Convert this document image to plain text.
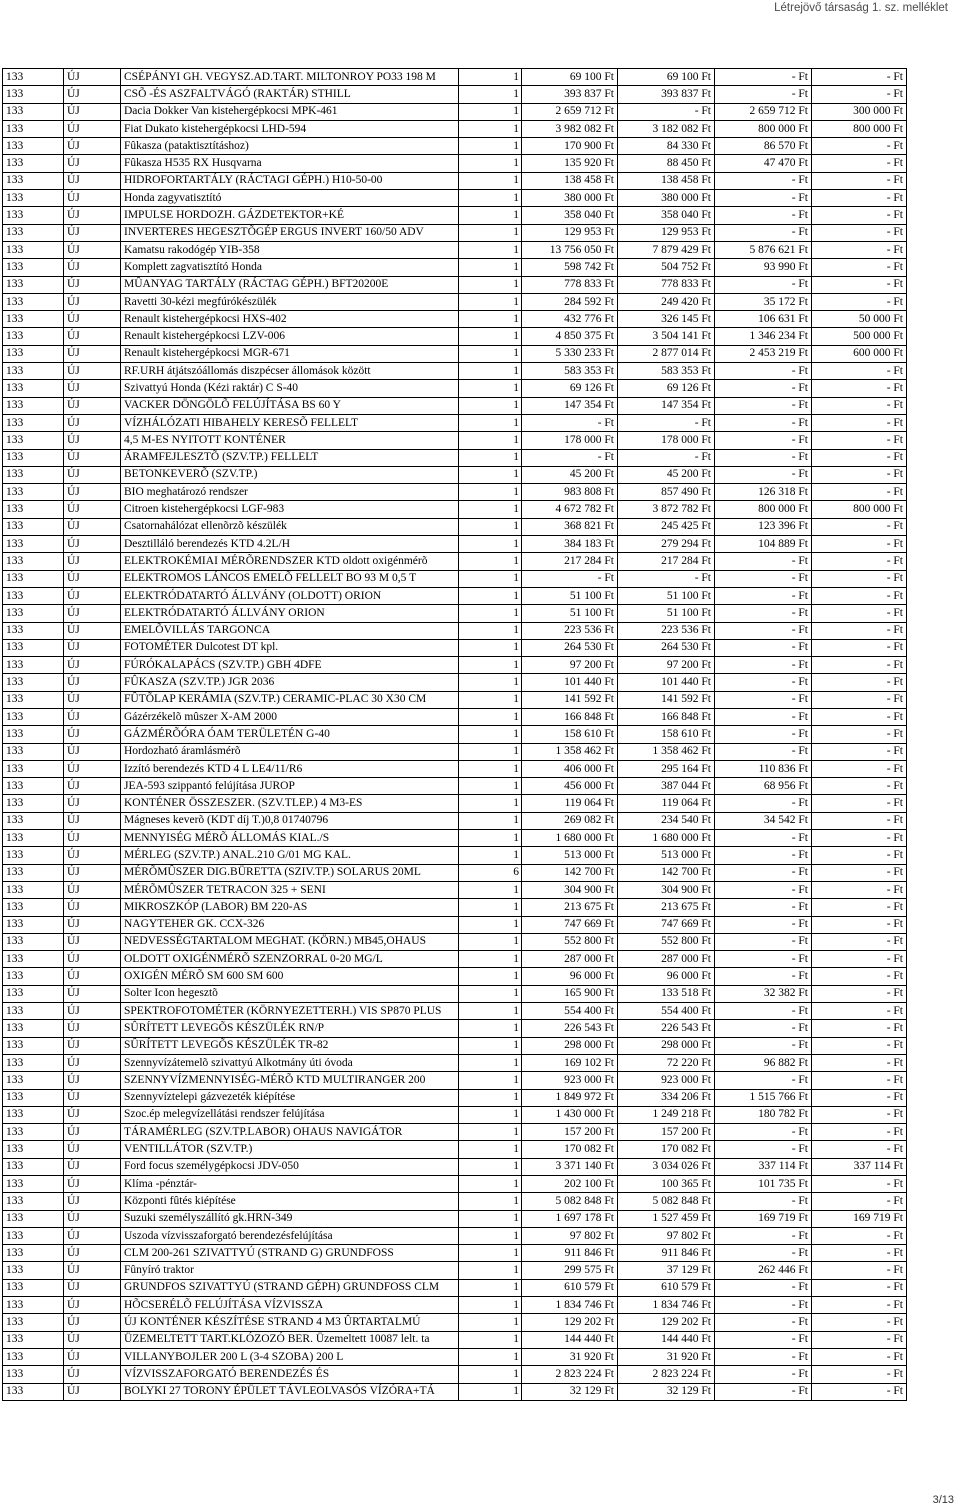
Létrejövő társaság 1. sz. melléklet
133	ÚJ	CSÉPÁNYI GH. VEGYSZ.AD.TART. MILTONROY PO33 198 M	1	69 100 Ft	69 100 Ft	- Ft	- Ft
133	ÚJ	CSÕ -ÉS ASZFALTVÁGÓ (RAKTÁR) STHILL	1	393 837 Ft	393 837 Ft	- Ft	- Ft
133	ÚJ	Dacia Dokker Van kistehergépkocsi MPK-461	1	2 659 712 Ft	- Ft	2 659 712 Ft	300 000 Ft
133	ÚJ	Fiat Dukato kistehergépkocsi LHD-594	1	3 982 082 Ft	3 182 082 Ft	800 000 Ft	800 000 Ft
133	ÚJ	Fûkasza (pataktisztításhoz)	1	170 900 Ft	84 330 Ft	86 570 Ft	- Ft
133	ÚJ	Fûkasza H535 RX Husqvarna	1	135 920 Ft	88 450 Ft	47 470 Ft	- Ft
133	ÚJ	HIDROFORTARTÁLY (RÁCTAGI GÉPH.) H10-50-00	1	138 458 Ft	138 458 Ft	- Ft	- Ft
133	ÚJ	Honda zagyvatisztító	1	380 000 Ft	380 000 Ft	- Ft	- Ft
133	ÚJ	IMPULSE HORDOZH. GÁZDETEKTOR+KÉ	1	358 040 Ft	358 040 Ft	- Ft	- Ft
133	ÚJ	INVERTERES HEGESZTÕGÉP ERGUS INVERT 160/50 ADV	1	129 953 Ft	129 953 Ft	- Ft	- Ft
133	ÚJ	Kamatsu rakodógép YIB-358	1	13 756 050 Ft	7 879 429 Ft	5 876 621 Ft	- Ft
133	ÚJ	Komplett zagvatisztító Honda	1	598 742 Ft	504 752 Ft	93 990 Ft	- Ft
133	ÚJ	MÛANYAG TARTÁLY (RÁCTAG GÉPH.) BFT20200E	1	778 833 Ft	778 833 Ft	- Ft	- Ft
133	ÚJ	Ravetti 30-kézi megfúrókészülék	1	284 592 Ft	249 420 Ft	35 172 Ft	- Ft
133	ÚJ	Renault kistehergépkocsi HXS-402	1	432 776 Ft	326 145 Ft	106 631 Ft	50 000 Ft
133	ÚJ	Renault kistehergépkocsi LZV-006	1	4 850 375 Ft	3 504 141 Ft	1 346 234 Ft	500 000 Ft
133	ÚJ	Renault kistehergépkocsi MGR-671	1	5 330 233 Ft	2 877 014 Ft	2 453 219 Ft	600 000 Ft
133	ÚJ	RF.URH átjátszóállomás diszpécser állomások között	1	583 353 Ft	583 353 Ft	- Ft	- Ft
133	ÚJ	Szivattyú Honda (Kézi raktár) C S-40	1	69 126 Ft	69 126 Ft	- Ft	- Ft
133	ÚJ	VACKER DÖNGÖLÕ FELÚJÍTÁSA BS 60 Y	1	147 354 Ft	147 354 Ft	- Ft	- Ft
133	ÚJ	VÍZHÁLÓZATI HIBAHELY KERESÕ FELLELT	1	- Ft	- Ft	- Ft	- Ft
133	ÚJ	4,5 M-ES NYITOTT KONTÉNER	1	178 000 Ft	178 000 Ft	- Ft	- Ft
133	ÚJ	ÁRAMFEJLESZTÕ (SZV.TP.) FELLELT	1	- Ft	- Ft	- Ft	- Ft
133	ÚJ	BETONKEVERÕ (SZV.TP.)	1	45 200 Ft	45 200 Ft	- Ft	- Ft
133	ÚJ	BIO meghatározó rendszer	1	983 808 Ft	857 490 Ft	126 318 Ft	- Ft
133	ÚJ	Citroen kistehergépkocsi LGF-983	1	4 672 782 Ft	3 872 782 Ft	800 000 Ft	800 000 Ft
133	ÚJ	Csatornahálózat ellenõrzõ készülék	1	368 821 Ft	245 425 Ft	123 396 Ft	- Ft
133	ÚJ	Desztilláló berendezés KTD 4.2L/H	1	384 183 Ft	279 294 Ft	104 889 Ft	- Ft
133	ÚJ	ELEKTROKÉMIAI MÉRÕRENDSZER KTD oldott oxigénmérõ	1	217 284 Ft	217 284 Ft	- Ft	- Ft
133	ÚJ	ELEKTROMOS LÁNCOS EMELÕ FELLELT BO 93 M 0,5 T	1	- Ft	- Ft	- Ft	- Ft
133	ÚJ	ELEKTRÓDATARTÓ ÁLLVÁNY (OLDOTT) ORION	1	51 100 Ft	51 100 Ft	- Ft	- Ft
133	ÚJ	ELEKTRÓDATARTÓ ÁLLVÁNY ORION	1	51 100 Ft	51 100 Ft	- Ft	- Ft
133	ÚJ	EMELÕVILLÁS TARGONCA	1	223 536 Ft	223 536 Ft	- Ft	- Ft
133	ÚJ	FOTOMÉTER Dulcotest DT kpl.	1	264 530 Ft	264 530 Ft	- Ft	- Ft
133	ÚJ	FÚRÓKALAPÁCS (SZV.TP.) GBH 4DFE	1	97 200 Ft	97 200 Ft	- Ft	- Ft
133	ÚJ	FÛKASZA (SZV.TP.) JGR 2036	1	101 440 Ft	101 440 Ft	- Ft	- Ft
133	ÚJ	FÛTÕLAP KERÁMIA (SZV.TP.) CERAMIC-PLAC 30 X30 CM	1	141 592 Ft	141 592 Ft	- Ft	- Ft
133	ÚJ	Gázérzékelõ mûszer X-AM 2000	1	166 848 Ft	166 848 Ft	- Ft	- Ft
133	ÚJ	GÁZMÉRÕÓRA ÓAM TERÜLETÉN G-40	1	158 610 Ft	158 610 Ft	- Ft	- Ft
133	ÚJ	Hordozható áramlásmérõ	1	1 358 462 Ft	1 358 462 Ft	- Ft	- Ft
133	ÚJ	Izzító berendezés KTD 4 L LE4/11/R6	1	406 000 Ft	295 164 Ft	110 836 Ft	- Ft
133	ÚJ	JEA-593 szippantó felújítása JUROP	1	456 000 Ft	387 044 Ft	68 956 Ft	- Ft
133	ÚJ	KONTÉNER ÖSSZESZER. (SZV.TLEP.) 4 M3-ES	1	119 064 Ft	119 064 Ft	- Ft	- Ft
133	ÚJ	Mágneses keverõ (KDT díj T.)0,8 01740796	1	269 082 Ft	234 540 Ft	34 542 Ft	- Ft
133	ÚJ	MENNYISÉG MÉRÕ ÁLLOMÁS KIAL./S	1	1 680 000 Ft	1 680 000 Ft	- Ft	- Ft
133	ÚJ	MÉRLEG (SZV.TP.) ANAL.210 G/01 MG KAL.	1	513 000 Ft	513 000 Ft	- Ft	- Ft
133	ÚJ	MÉRÕMÛSZER DIG.BÜRETTA (SZIV.TP.) SOLARUS 20ML	6	142 700 Ft	142 700 Ft	- Ft	- Ft
133	ÚJ	MÉRÕMÛSZER TETRACON 325 + SENI	1	304 900 Ft	304 900 Ft	- Ft	- Ft
133	ÚJ	MIKROSZKÓP (LABOR) BM 220-AS	1	213 675 Ft	213 675 Ft	- Ft	- Ft
133	ÚJ	NAGYTEHER GK. CCX-326	1	747 669 Ft	747 669 Ft	- Ft	- Ft
133	ÚJ	NEDVESSÉGTARTALOM MEGHAT. (KÖRN.) MB45,OHAUS	1	552 800 Ft	552 800 Ft	- Ft	- Ft
133	ÚJ	OLDOTT OXIGÉNMÉRÕ SZENZORRAL 0-20 MG/L	1	287 000 Ft	287 000 Ft	- Ft	- Ft
133	ÚJ	OXIGÉN MÉRÕ SM 600 SM 600	1	96 000 Ft	96 000 Ft	- Ft	- Ft
133	ÚJ	Solter Icon hegesztõ	1	165 900 Ft	133 518 Ft	32 382 Ft	- Ft
133	ÚJ	SPEKTROFOTOMÉTER (KÖRNYEZETTERH.) VIS SP870 PLUS	1	554 400 Ft	554 400 Ft	- Ft	- Ft
133	ÚJ	SÛRÍTETT LEVEGÕS KÉSZÜLÉK RN/P	1	226 543 Ft	226 543 Ft	- Ft	- Ft
133	ÚJ	SÛRÍTETT LEVEGÕS KÉSZÜLÉK TR-82	1	298 000 Ft	298 000 Ft	- Ft	- Ft
133	ÚJ	Szennyvízátemelõ szivattyú Alkotmány úti óvoda	1	169 102 Ft	72 220 Ft	96 882 Ft	- Ft
133	ÚJ	SZENNYVÍZMENNYISÉG-MÉRÕ KTD MULTIRANGER 200	1	923 000 Ft	923 000 Ft	- Ft	- Ft
133	ÚJ	Szennyvíztelepi gázvezeték kiépítése	1	1 849 972 Ft	334 206 Ft	1 515 766 Ft	- Ft
133	ÚJ	Szoc.ép melegvízellátási rendszer felújítása	1	1 430 000 Ft	1 249 218 Ft	180 782 Ft	- Ft
133	ÚJ	TÁRAMÉRLEG (SZV.TP.LABOR) OHAUS NAVIGÁTOR	1	157 200 Ft	157 200 Ft	- Ft	- Ft
133	ÚJ	VENTILLÁTOR (SZV.TP.)	1	170 082 Ft	170 082 Ft	- Ft	- Ft
133	ÚJ	Ford focus személygépkocsi JDV-050	1	3 371 140 Ft	3 034 026 Ft	337 114 Ft	337 114 Ft
133	ÚJ	Klíma -pénztár-	1	202 100 Ft	100 365 Ft	101 735 Ft	- Ft
133	ÚJ	Központi fûtés kiépítése	1	5 082 848 Ft	5 082 848 Ft	- Ft	- Ft
133	ÚJ	Suzuki személyszállító gk.HRN-349	1	1 697 178 Ft	1 527 459 Ft	169 719 Ft	169 719 Ft
133	ÚJ	Uszoda vízvisszaforgató berendezésfelújítása	1	97 802 Ft	97 802 Ft	- Ft	- Ft
133	ÚJ	CLM 200-261 SZIVATTYÚ (STRAND G) GRUNDFOSS	1	911 846 Ft	911 846 Ft	- Ft	- Ft
133	ÚJ	Fûnyíró traktor	1	299 575 Ft	37 129 Ft	262 446 Ft	- Ft
133	ÚJ	GRUNDFOS SZIVATTYÚ (STRAND GÉPH) GRUNDFOSS CLM	1	610 579 Ft	610 579 Ft	- Ft	- Ft
133	ÚJ	HÕCSERÉLÕ FELÚJÍTÁSA VÍZVISSZA	1	1 834 746 Ft	1 834 746 Ft	- Ft	- Ft
133	ÚJ	ÚJ KONTÉNER KÉSZÍTÉSE STRAND 4 M3 ÛRTARTALMÚ	1	129 202 Ft	129 202 Ft	- Ft	- Ft
133	ÚJ	ÜZEMELTETT TART.KLÓZOZÓ BER. Üzemeltett 10087 lelt. ta	1	144 440 Ft	144 440 Ft	- Ft	- Ft
133	ÚJ	VILLANYBOJLER 200 L (3-4 SZOBA) 200 L	1	31 920 Ft	31 920 Ft	- Ft	- Ft
133	ÚJ	VÍZVISSZAFORGATÓ BERENDEZÉS ÉS	1	2 823 224 Ft	2 823 224 Ft	- Ft	- Ft
133	ÚJ	BOLYKI 27 TORONY ÉPÜLET TÁVLEOLVASÓS VÍZÓRA+TÁ	1	32 129 Ft	32 129 Ft	- Ft	- Ft
3/13
